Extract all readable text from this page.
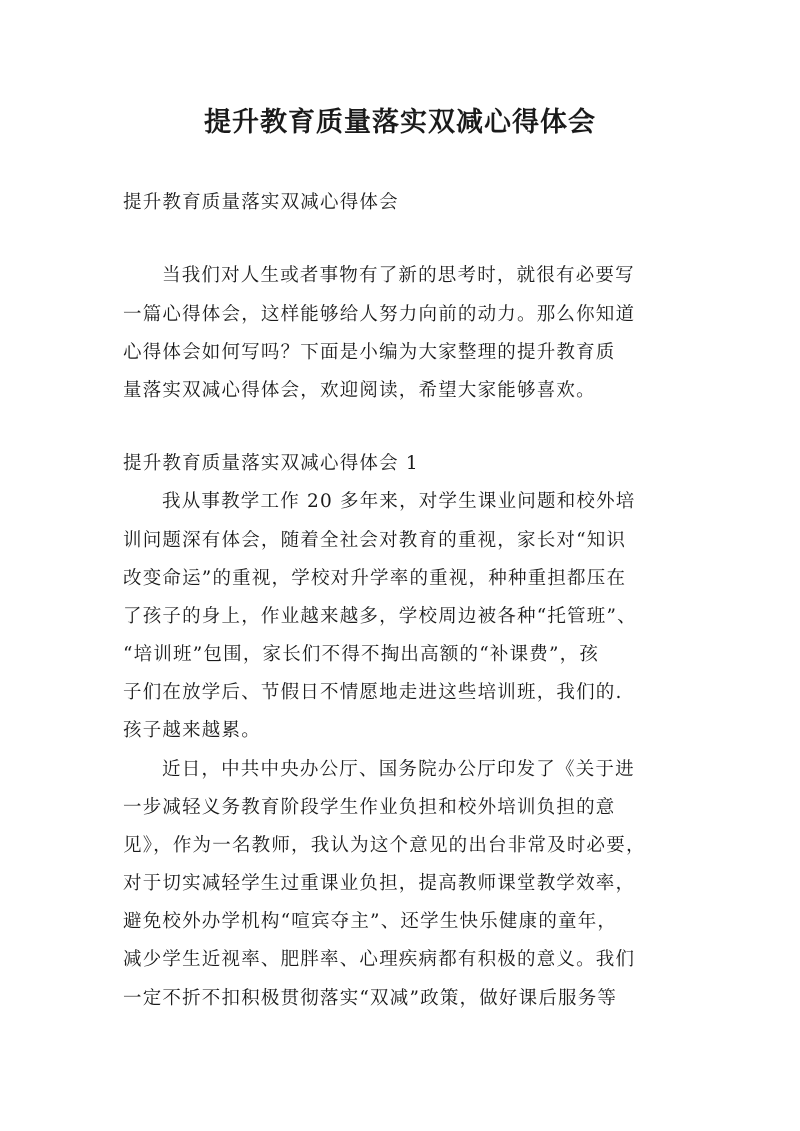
提升教育质量落实双减心得体会
提升教育质量落实双减心得体会
当我们对人生或者事物有了新的思考时，就很有必要写
一篇心得体会，这样能够给人努力向前的动力。那么你知道
心得体会如何写吗？下面是小编为大家整理的提升教育质
量落实双减心得体会，欢迎阅读，希望大家能够喜欢。
提升教育质量落实双减心得体会 1
我从事教学工作 20 多年来，对学生课业问题和校外培
训问题深有体会，随着全社会对教育的重视，家长对“知识
改变命运”的重视，学校对升学率的重视，种种重担都压在
了孩子的身上，作业越来越多，学校周边被各种“托管班”、
“培训班”包围，家长们不得不掏出高额的“补课费”，孩
子们在放学后、节假日不情愿地走进这些培训班，我们的.
孩子越来越累。
近日，中共中央办公厅、国务院办公厅印发了《关于进
一步减轻义务教育阶段学生作业负担和校外培训负担的意
见》，作为一名教师，我认为这个意见的出台非常及时必要，
对于切实减轻学生过重课业负担，提高教师课堂教学效率，
避免校外办学机构“喧宾夺主”、还学生快乐健康的童年，
减少学生近视率、肥胖率、心理疾病都有积极的意义。我们
一定不折不扣积极贯彻落实“双减”政策，做好课后服务等
